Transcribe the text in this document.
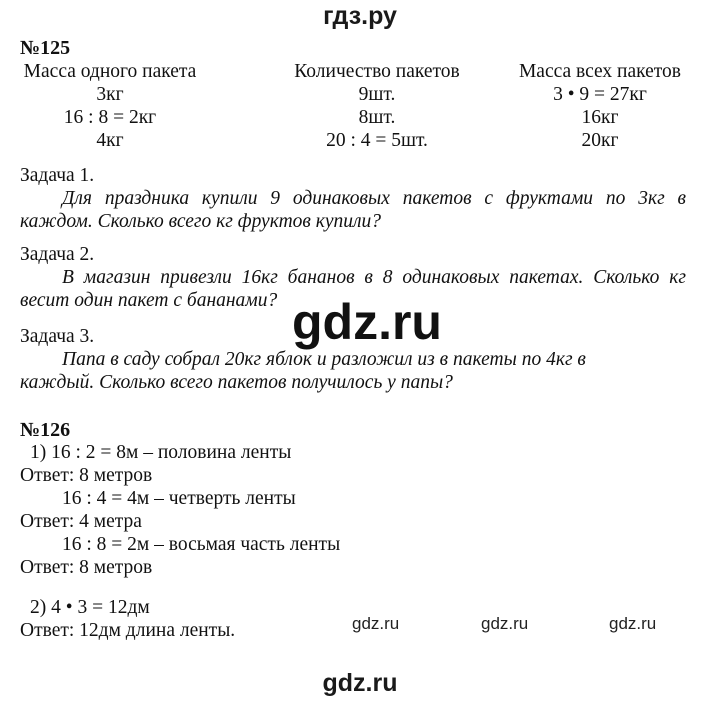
гдз.ру
№125
Масса одного пакета	Количество пакетов	Масса всех пакетов
3кг	9шт.	3 • 9 = 27кг
16 : 8 = 2кг	8шт.	16кг
4кг	20 : 4 = 5шт.	20кг
Задача 1.
Для праздника купили 9 одинаковых пакетов с фруктами по 3кг в
каждом. Сколько всего кг фруктов купили?
Задача 2.
В магазин привезли 16кг бананов в 8 одинаковых пакетах. Сколько кг
весит один пакет с бананами? gdz.ru
Задача 3.
Папа в саду собрал 20кг яблок и разложил из в пакеты по 4кг в
каждый. Сколько всего пакетов получилось у папы?
№126
1) 16 : 2 = 8м – половина ленты
Ответ: 8 метров
16 : 4 = 4м – четверть ленты
Ответ: 4 метра
16 : 8 = 2м – восьмая часть ленты
Ответ: 8 метров
2) 4 • 3 = 12дм
Ответ: 12дм длина ленты.	gdz.ru	gdz.ru	gdz.ru
gdz.ru
